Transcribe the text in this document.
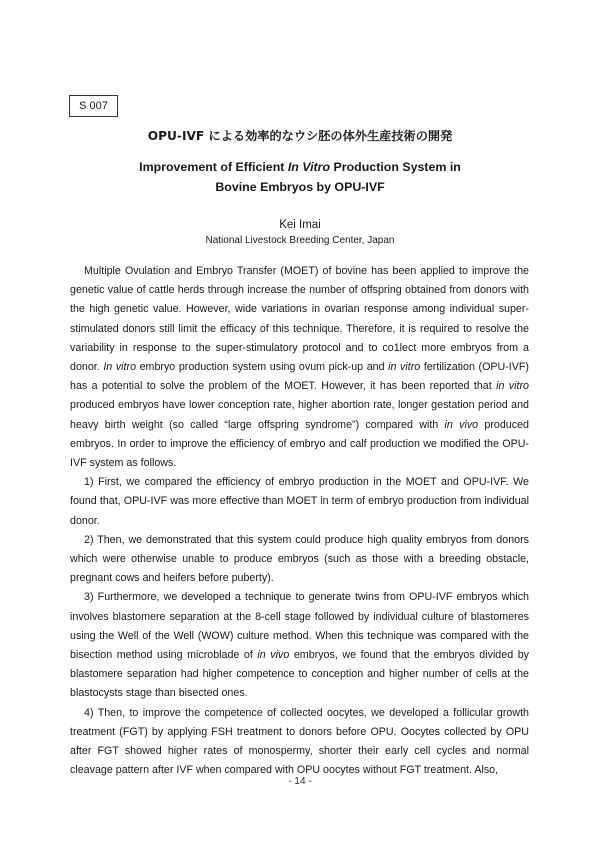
S 007
OPU-IVF による効率的なウシ胚の体外生産技術の開発
Improvement of Efficient In Vitro Production System in
Bovine Embryos by OPU-IVF
Kei Imai
National Livestock Breeding Center, Japan

Multiple Ovulation and Embryo Transfer (MOET) of bovine has been applied to improve the genetic value of cattle herds through increase the number of offspring obtained from donors with the high genetic value. However, wide variations in ovarian response among individual super-stimulated donors still limit the efficacy of this technique. Therefore, it is required to resolve the variability in response to the super-stimulatory protocol and to co1lect more embryos from a donor. In vitro embryo production system using ovum pick-up and in vitro fertilization (OPU-IVF) has a potential to solve the problem of the MOET. However, it has been reported that in vitro produced embryos have lower conception rate, higher abortion rate, longer gestation period and heavy birth weight (so called “large offspring syndrome”) compared with in vivo produced embryos. In order to improve the efficiency of embryo and calf production we modified the OPU-IVF system as follows.

1) First, we compared the efficiency of embryo production in the MOET and OPU-IVF. We found that, OPU-IVF was more effective than MOET in term of embryo production from individual donor.

2) Then, we demonstrated that this system could produce high quality embryos from donors which were otherwise unable to produce embryos (such as those with a breeding obstacle, pregnant cows and heifers before puberty).

3) Furthermore, we developed a technique to generate twins from OPU-IVF embryos which involves blastomere separation at the 8-cell stage followed by individual culture of blastomeres using the Well of the Well (WOW) culture method. When this technique was compared with the bisection method using microblade of in vivo embryos, we found that the embryos divided by blastomere separation had higher competence to conception and higher number of cells at the blastocysts stage than bisected ones.

4) Then, to improve the competence of collected oocytes, we developed a follicular growth treatment (FGT) by applying FSH treatment to donors before OPU. Oocytes collected by OPU after FGT showed higher rates of monospermy, shorter their early cell cycles and normal cleavage pattern after IVF when compared with OPU oocytes without FGT treatment. Also,

- 14 -
